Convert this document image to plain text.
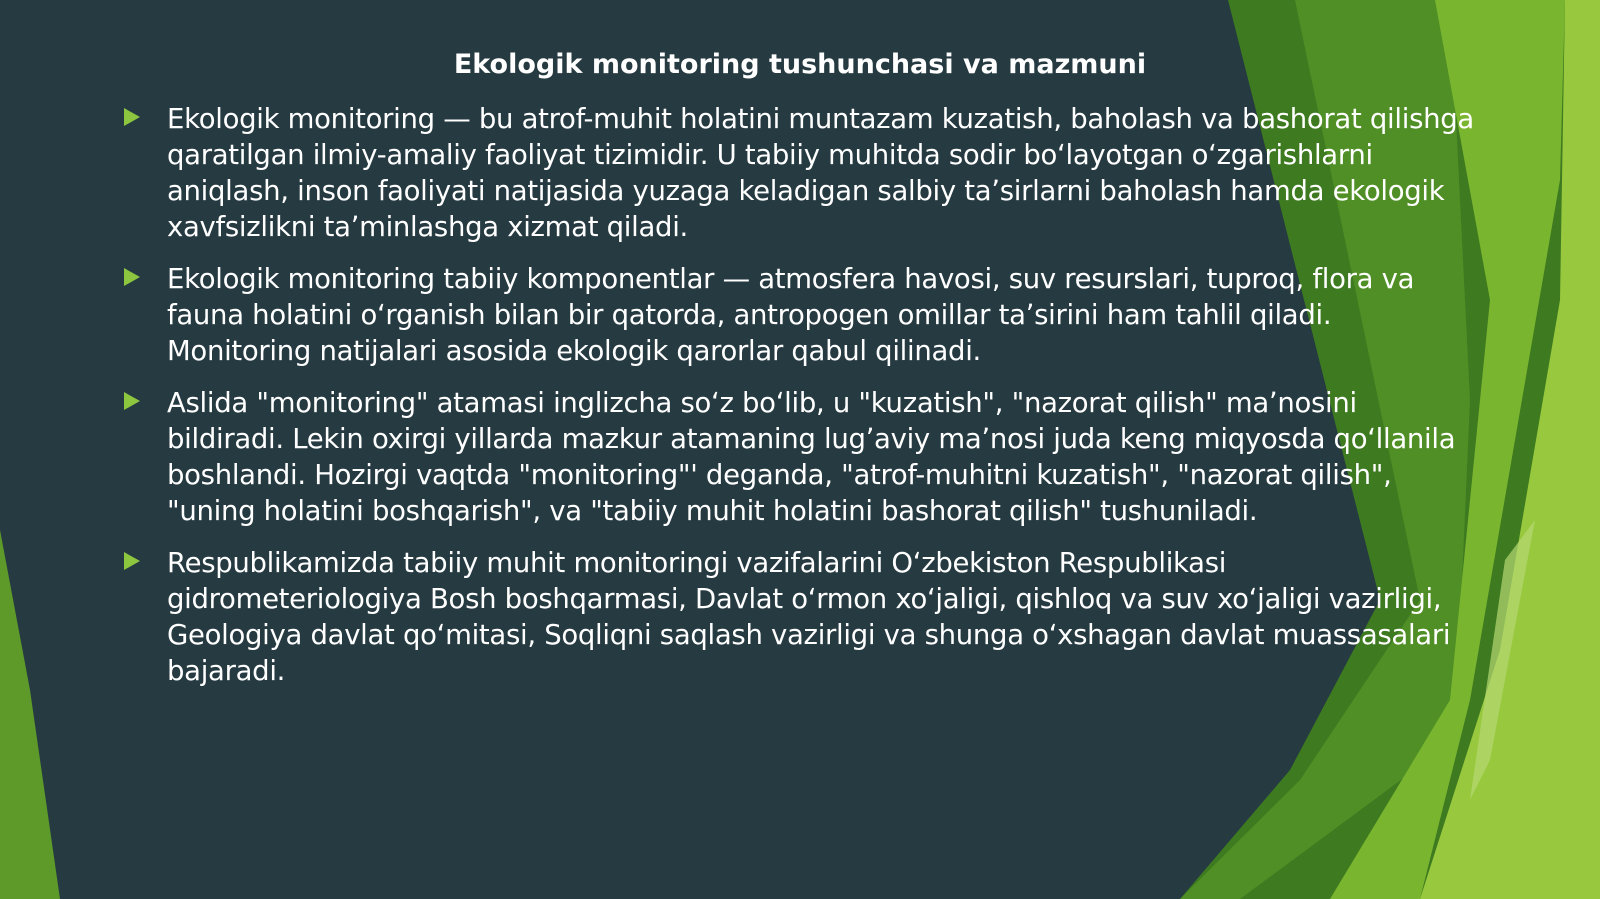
Ekologik monitoring tushunchasi va mazmuni
Ekologik monitoring — bu atrof-muhit holatini muntazam kuzatish, baholash va bashorat qilishga qaratilgan ilmiy-amaliy faoliyat tizimidir. U tabiiy muhitda sodir boʻlayotgan oʻzgarishlarni aniqlash, inson faoliyati natijasida yuzaga keladigan salbiy taʼsirlarni baholash hamda ekologik xavfsizlikni taʼminlashga xizmat qiladi.
Ekologik monitoring tabiiy komponentlar — atmosfera havosi, suv resurslari, tuproq, flora va fauna holatini oʻrganish bilan bir qatorda, antropogen omillar taʼsirini ham tahlil qiladi. Monitoring natijalari asosida ekologik qarorlar qabul qilinadi.
Aslida "monitoring" atamasi inglizcha soʻz boʻlib, u "kuzatish", "nazorat qilish" maʼnosini bildiradi. Lekin oxirgi yillarda mazkur atamaning lugʼaviy maʼnosi juda keng miqyosda qoʻllanila boshlandi. Hozirgi vaqtda "monitoring"' deganda, "atrof-muhitni kuzatish", "nazorat qilish", "uning holatini boshqarish", va "tabiiy muhit holatini bashorat qilish" tushuniladi.
Respublikamizda tabiiy muhit monitoringi vazifalarini Oʻzbekiston Respublikasi gidrometeriologiya Bosh boshqarmasi, Davlat oʻrmon xoʻjaligi, qishloq va suv xoʻjaligi vazirligi, Geologiya davlat qoʻmitasi, Soqliqni saqlash vazirligi va shunga oʻxshagan davlat muassasalari bajaradi.
